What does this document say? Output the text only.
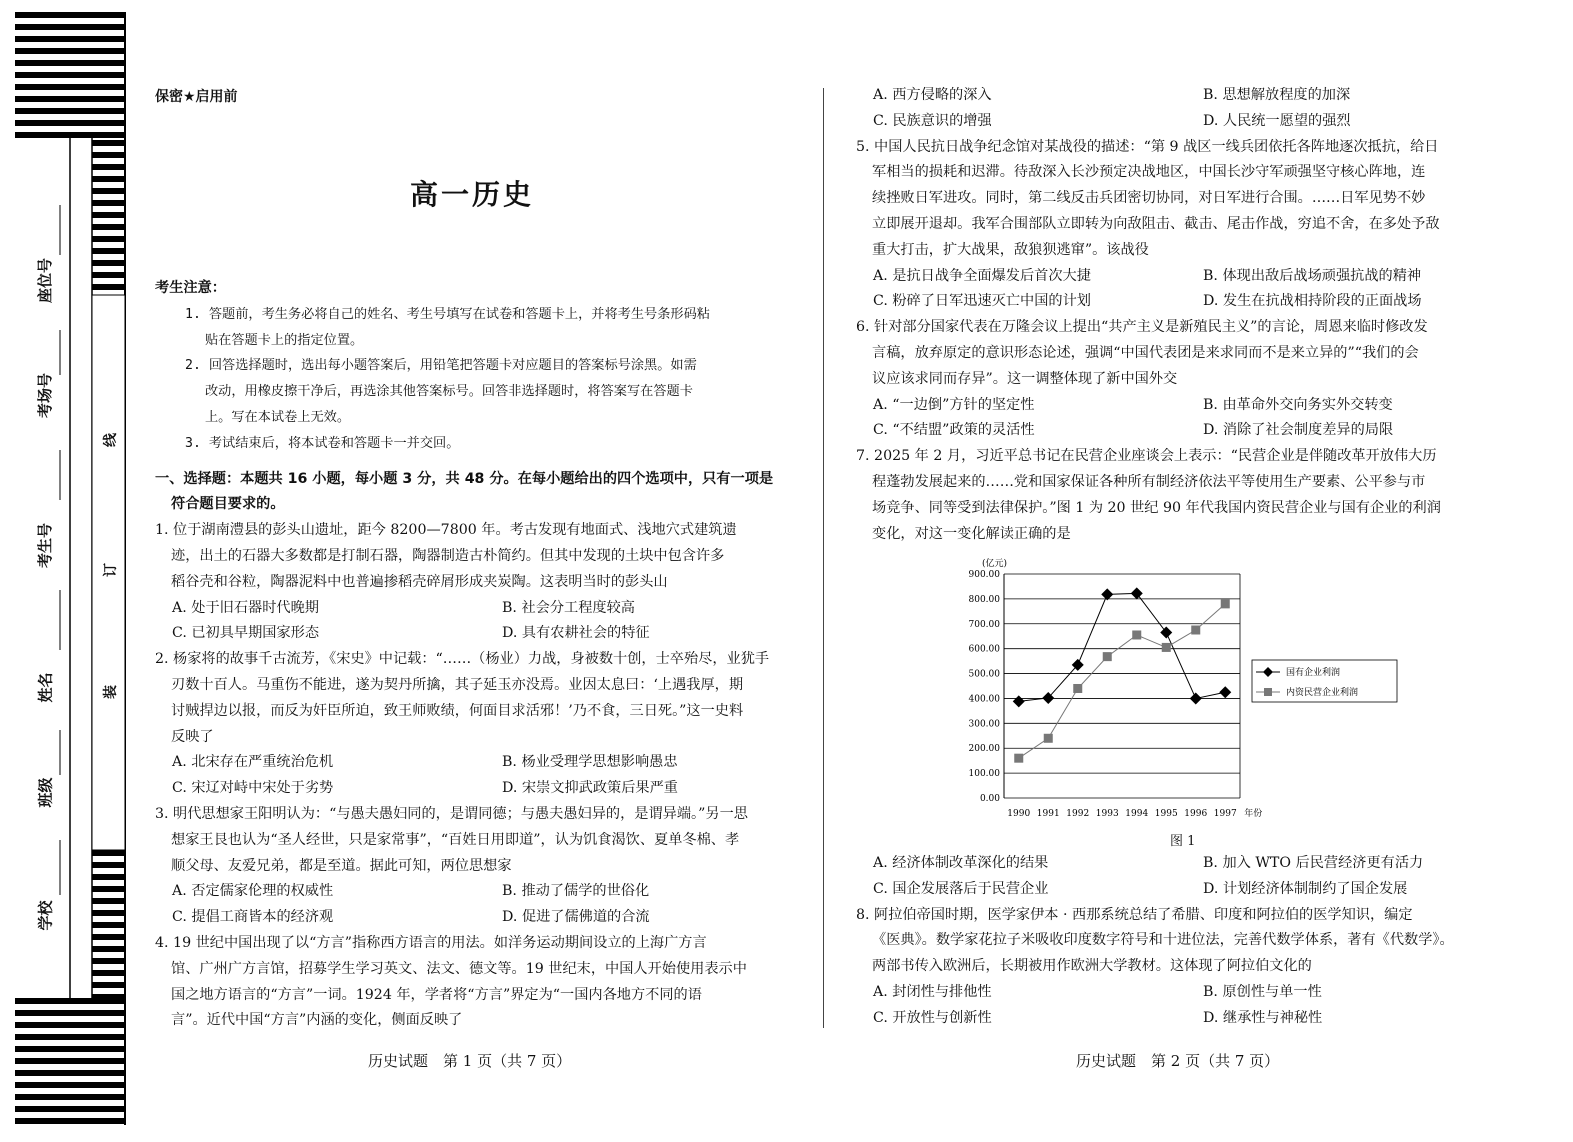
学校
班级
姓名
考生号
考场号
座位号
线
订
装
保密★启用前
高一历史

考生注意：

1. 答题前，考生务必将自己的姓名、考生号填写在试卷和答题卡上，并将考生号条形码粘

贴在答题卡上的指定位置。

2. 回答选择题时，选出每小题答案后，用铅笔把答题卡对应题目的答案标号涂黑。如需

改动，用橡皮擦干净后，再选涂其他答案标号。回答非选择题时，将答案写在答题卡

上。写在本试卷上无效。

3. 考试结束后，将本试卷和答题卡一并交回。

一、选择题：本题共 16 小题，每小题 3 分，共 48 分。在每小题给出的四个选项中，只有一项是

符合题目要求的。

1. 位于湖南澧县的彭头山遗址，距今 8200—7800 年。考古发现有地面式、浅地穴式建筑遗

迹，出土的石器大多数都是打制石器，陶器制造古朴简约。但其中发现的土块中包含许多

稻谷壳和谷粒，陶器泥料中也普遍掺稻壳碎屑形成夹炭陶。这表明当时的彭头山

A. 处于旧石器时代晚期	B. 社会分工程度较高
C. 已初具早期国家形态	D. 具有农耕社会的特征

2. 杨家将的故事千古流芳，《宋史》中记载：“……（杨业）力战，身被数十创，士卒殆尽，业犹手

刃数十百人。马重伤不能进，遂为契丹所擒，其子延玉亦没焉。业因太息曰：‘上遇我厚，期

讨贼捍边以报，而反为奸臣所迫，致王师败绩，何面目求活邪！’乃不食，三日死。”这一史料

反映了

A. 北宋存在严重统治危机	B. 杨业受理学思想影响愚忠
C. 宋辽对峙中宋处于劣势	D. 宋崇文抑武政策后果严重

3. 明代思想家王阳明认为：“与愚夫愚妇同的，是谓同德；与愚夫愚妇异的，是谓异端。”另一思

想家王艮也认为“圣人经世，只是家常事”，“百姓日用即道”，认为饥食渴饮、夏单冬棉、孝

顺父母、友爱兄弟，都是至道。据此可知，两位思想家

A. 否定儒家伦理的权威性	B. 推动了儒学的世俗化
C. 提倡工商皆本的经济观	D. 促进了儒佛道的合流

4. 19 世纪中国出现了以“方言”指称西方语言的用法。如洋务运动期间设立的上海广方言

馆、广州广方言馆，招募学生学习英文、法文、德文等。19 世纪末，中国人开始使用表示中

国之地方语言的“方言”一词。1924 年，学者将“方言”界定为“一国内各地方不同的语

言”。近代中国“方言”内涵的变化，侧面反映了

历史试题　第 1 页（共 7 页）
A. 西方侵略的深入	B. 思想解放程度的加深
C. 民族意识的增强	D. 人民统一愿望的强烈

5. 中国人民抗日战争纪念馆对某战役的描述：“第 9 战区一线兵团依托各阵地逐次抵抗，给日

军相当的损耗和迟滞。待敌深入长沙预定决战地区，中国长沙守军顽强坚守核心阵地，连

续挫败日军进攻。同时，第二线反击兵团密切协同，对日军进行合围。……日军见势不妙

立即展开退却。我军合围部队立即转为向敌阻击、截击、尾击作战，穷追不舍，在多处予敌

重大打击，扩大战果，敌狼狈逃窜”。该战役

A. 是抗日战争全面爆发后首次大捷	B. 体现出敌后战场顽强抗战的精神
C. 粉碎了日军迅速灭亡中国的计划	D. 发生在抗战相持阶段的正面战场

6. 针对部分国家代表在万隆会议上提出“共产主义是新殖民主义”的言论，周恩来临时修改发

言稿，放弃原定的意识形态论述，强调“中国代表团是来求同而不是来立异的”“我们的会

议应该求同而存异”。这一调整体现了新中国外交

A. “一边倒”方针的坚定性	B. 由革命外交向务实外交转变
C. “不结盟”政策的灵活性	D. 消除了社会制度差异的局限

7. 2025 年 2 月，习近平总书记在民营企业座谈会上表示：“民营企业是伴随改革开放伟大历

程蓬勃发展起来的……党和国家保证各种所有制经济依法平等使用生产要素、公平参与市

场竞争、同等受到法律保护。”图 1 为 20 世纪 90 年代我国内资民营企业与国有企业的利润

变化，对这一变化解读正确的是

(亿元)
0.00
100.00
200.00
300.00
400.00
500.00
600.00
700.00
800.00
900.00
1990 1991 1992 1993 1994 1995 1996 1997 年份
国有企业利润
内资民营企业利润
图 1
A. 经济体制改革深化的结果	B. 加入 WTO 后民营经济更有活力
C. 国企发展落后于民营企业	D. 计划经济体制制约了国企发展

8. 阿拉伯帝国时期，医学家伊本 · 西那系统总结了希腊、印度和阿拉伯的医学知识，编定

《医典》。数学家花拉子米吸收印度数字符号和十进位法，完善代数学体系，著有《代数学》。

两部书传入欧洲后，长期被用作欧洲大学教材。这体现了阿拉伯文化的

A. 封闭性与排他性	B. 原创性与单一性
C. 开放性与创新性	D. 继承性与神秘性
历史试题　第 2 页（共 7 页）
